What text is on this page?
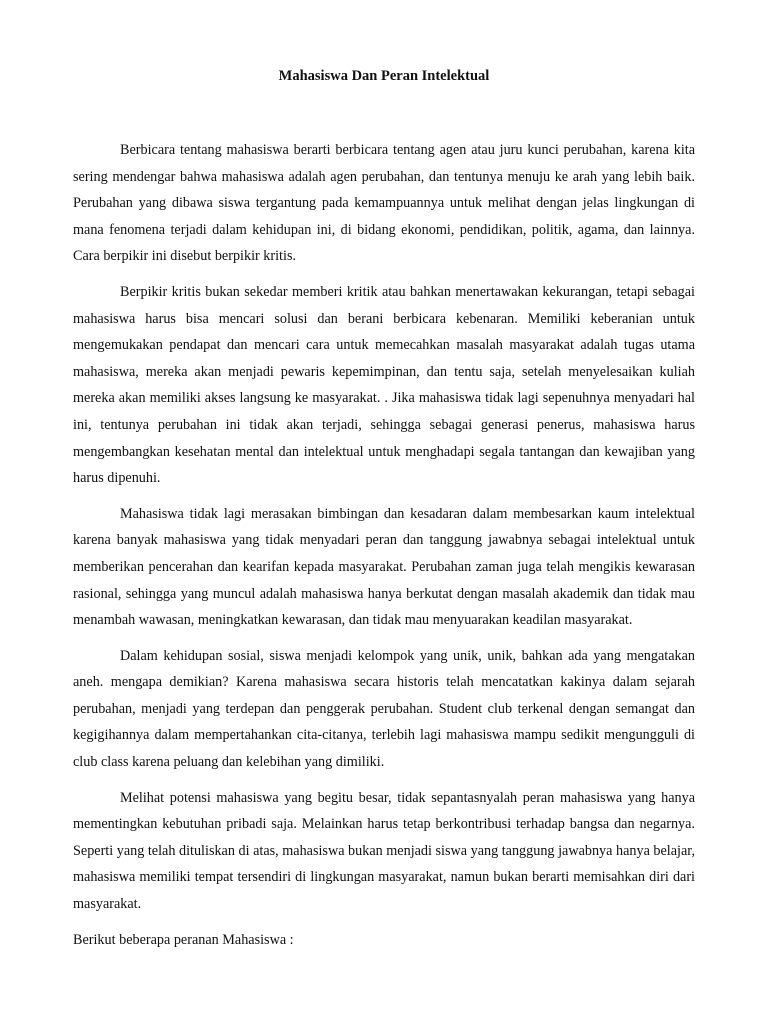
Mahasiswa Dan Peran Intelektual

Berbicara tentang mahasiswa berarti berbicara tentang agen atau juru kunci perubahan, karena kita sering mendengar bahwa mahasiswa adalah agen perubahan, dan tentunya menuju ke arah yang lebih baik. Perubahan yang dibawa siswa tergantung pada kemampuannya untuk melihat dengan jelas lingkungan di mana fenomena terjadi dalam kehidupan ini, di bidang ekonomi, pendidikan, politik, agama, dan lainnya. Cara berpikir ini disebut berpikir kritis.

Berpikir kritis bukan sekedar memberi kritik atau bahkan menertawakan kekurangan, tetapi sebagai mahasiswa harus bisa mencari solusi dan berani berbicara kebenaran. Memiliki keberanian untuk mengemukakan pendapat dan mencari cara untuk memecahkan masalah masyarakat adalah tugas utama mahasiswa, mereka akan menjadi pewaris kepemimpinan, dan tentu saja, setelah menyelesaikan kuliah mereka akan memiliki akses langsung ke masyarakat. . Jika mahasiswa tidak lagi sepenuhnya menyadari hal ini, tentunya perubahan ini tidak akan terjadi, sehingga sebagai generasi penerus, mahasiswa harus mengembangkan kesehatan mental dan intelektual untuk menghadapi segala tantangan dan kewajiban yang harus dipenuhi.

Mahasiswa tidak lagi merasakan bimbingan dan kesadaran dalam membesarkan kaum intelektual karena banyak mahasiswa yang tidak menyadari peran dan tanggung jawabnya sebagai intelektual untuk memberikan pencerahan dan kearifan kepada masyarakat. Perubahan zaman juga telah mengikis kewarasan rasional, sehingga yang muncul adalah mahasiswa hanya berkutat dengan masalah akademik dan tidak mau menambah wawasan, meningkatkan kewarasan, dan tidak mau menyuarakan keadilan masyarakat.

Dalam kehidupan sosial, siswa menjadi kelompok yang unik, unik, bahkan ada yang mengatakan aneh. mengapa demikian? Karena mahasiswa secara historis telah mencatatkan kakinya dalam sejarah perubahan, menjadi yang terdepan dan penggerak perubahan. Student club terkenal dengan semangat dan kegigihannya dalam mempertahankan cita-citanya, terlebih lagi mahasiswa mampu sedikit mengungguli di club class karena peluang dan kelebihan yang dimiliki.

Melihat potensi mahasiswa yang begitu besar, tidak sepantasnyalah peran mahasiswa yang hanya mementingkan kebutuhan pribadi saja. Melainkan harus tetap berkontribusi terhadap bangsa dan negarnya. Seperti yang telah dituliskan di atas, mahasiswa bukan menjadi siswa yang tanggung jawabnya hanya belajar, mahasiswa memiliki tempat tersendiri di lingkungan masyarakat, namun bukan berarti memisahkan diri dari masyarakat.

Berikut beberapa peranan Mahasiswa :
